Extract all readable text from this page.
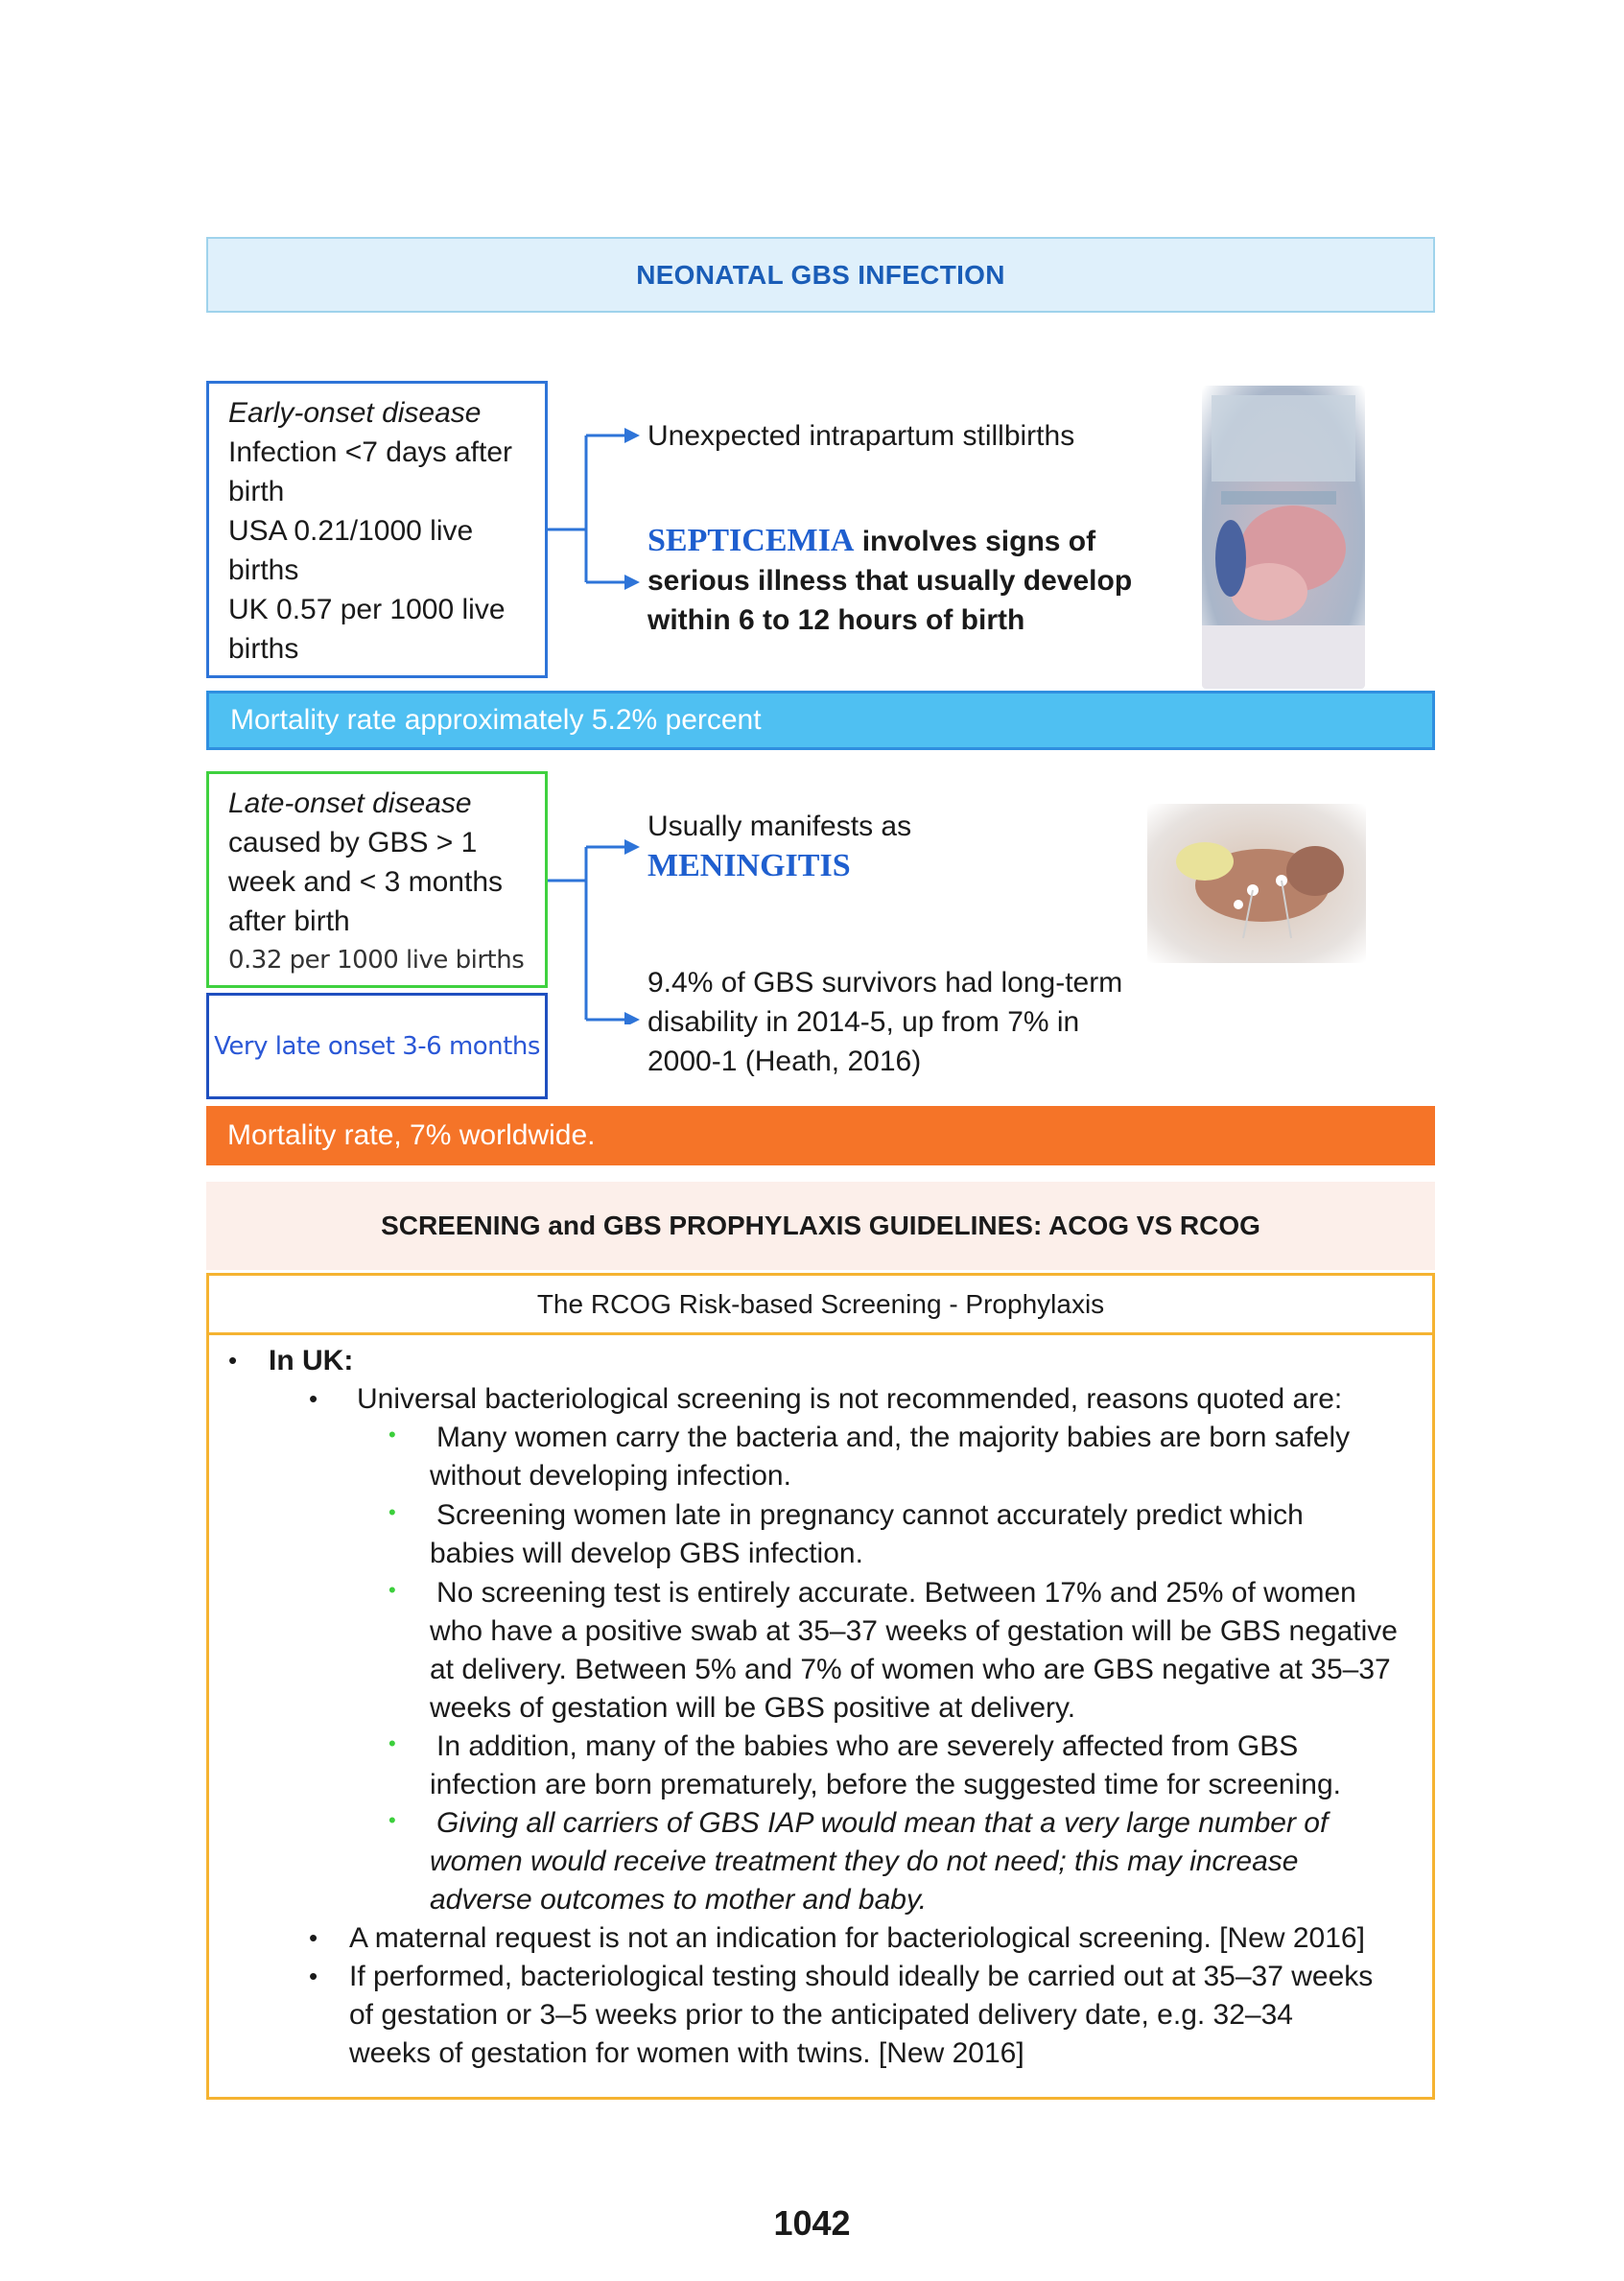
NEONATAL GBS INFECTION
Early-onset disease
Infection <7 days after
birth
USA 0.21/1000 live
births
UK 0.57 per 1000 live
births
Unexpected intrapartum stillbirths
SEPTICEMIA involves signs of
serious illness that usually develop
within 6 to 12 hours of birth
Mortality rate approximately 5.2% percent
Late-onset disease
caused by GBS > 1
week and < 3 months
after birth
0.32 per 1000 live births
Very late onset 3-6 months
Usually manifests as
MENINGITIS
9.4% of GBS survivors had long-term
disability in 2014-5, up from 7% in
2000-1 (Heath, 2016)
Mortality rate, 7% worldwide.
SCREENING and GBS PROPHYLAXIS GUIDELINES: ACOG VS RCOG
The RCOG Risk-based Screening - Prophylaxis
• In UK:
• Universal bacteriological screening is not recommended, reasons quoted are:
• Many women carry the bacteria and, the majority babies are born safely
without developing infection.
• Screening women late in pregnancy cannot accurately predict which
babies will develop GBS infection.
• No screening test is entirely accurate. Between 17% and 25% of women
who have a positive swab at 35–37 weeks of gestation will be GBS negative
at delivery. Between 5% and 7% of women who are GBS negative at 35–37
weeks of gestation will be GBS positive at delivery.
• In addition, many of the babies who are severely affected from GBS
infection are born prematurely, before the suggested time for screening.
• Giving all carriers of GBS IAP would mean that a very large number of
women would receive treatment they do not need; this may increase
adverse outcomes to mother and baby.
• A maternal request is not an indication for bacteriological screening. [New 2016]
• If performed, bacteriological testing should ideally be carried out at 35–37 weeks
of gestation or 3–5 weeks prior to the anticipated delivery date, e.g. 32–34
weeks of gestation for women with twins. [New 2016]
1042
